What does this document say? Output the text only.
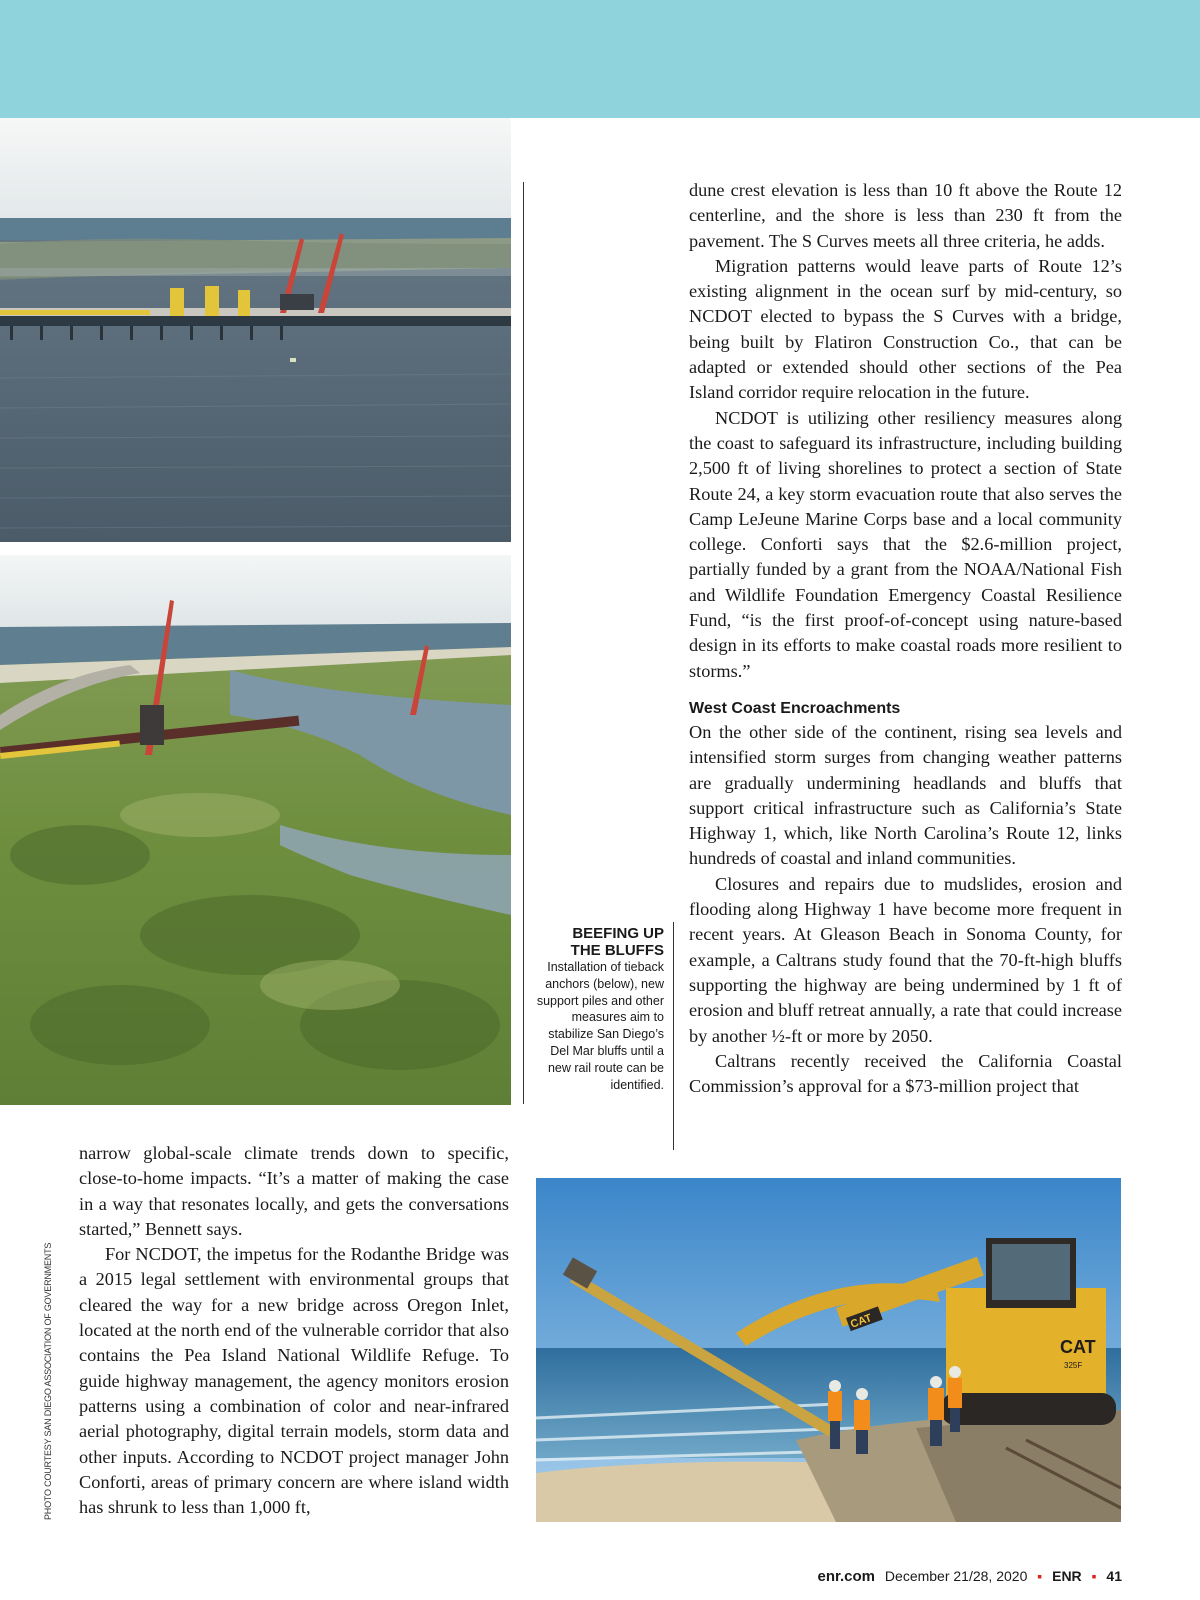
dune crest elevation is less than 10 ft above the Route 12 centerline, and the shore is less than 230 ft from the pavement. The S Curves meets all three criteria, he adds.

Migration patterns would leave parts of Route 12’s existing alignment in the ocean surf by mid-century, so NCDOT elected to bypass the S Curves with a bridge, being built by Flatiron Construction Co., that can be adapted or extended should other sections of the Pea Island corridor require relocation in the future.

NCDOT is utilizing other resiliency measures along the coast to safeguard its infrastructure, including building 2,500 ft of living shorelines to protect a section of State Route 24, a key storm evacuation route that also serves the Camp LeJeune Marine Corps base and a local community college. Conforti says that the $2.6-million project, partially funded by a grant from the NOAA/National Fish and Wildlife Foundation Emergency Coastal Resilience Fund, “is the first proof-of-concept using nature-based design in its efforts to make coastal roads more resilient to storms.”

West Coast Encroachments

On the other side of the continent, rising sea levels and intensified storm surges from changing weather patterns are gradually undermining headlands and bluffs that support critical infrastructure such as California’s State Highway 1, which, like North Carolina’s Route 12, links hundreds of coastal and inland communities.

Closures and repairs due to mudslides, erosion and flooding along Highway 1 have become more frequent in recent years. At Gleason Beach in Sonoma County, for example, a Caltrans study found that the 70-ft-high bluffs supporting the highway are being undermined by 1 ft of erosion and bluff retreat annually, a rate that could increase by another ½-ft or more by 2050.

Caltrans recently received the California Coastal Commission’s approval for a $73-million project that

BEEFING UP
THE BLUFFS
Installation of tieback anchors (below), new support piles and other measures aim to stabilize San Diego’s Del Mar bluffs until a new rail route can be identified.

narrow global-scale climate trends down to specific, close-to-home impacts. “It’s a matter of making the case in a way that resonates locally, and gets the conversations started,” Bennett says.

For NCDOT, the impetus for the Rodanthe Bridge was a 2015 legal settlement with environmental groups that cleared the way for a new bridge across Oregon Inlet, located at the north end of the vulnerable corridor that also contains the Pea Island National Wildlife Refuge. To guide highway management, the agency monitors erosion patterns using a combination of color and near-infrared aerial photography, digital terrain models, storm data and other inputs. According to NCDOT project manager John Conforti, areas of primary concern are where island width has shrunk to less than 1,000 ft,

CAT
CAT
325F
PHOTO COURTESY SAN DIEGO ASSOCIATION OF GOVERNMENTS
enr.com December 21/28, 2020 ▪ ENR ▪ 41
